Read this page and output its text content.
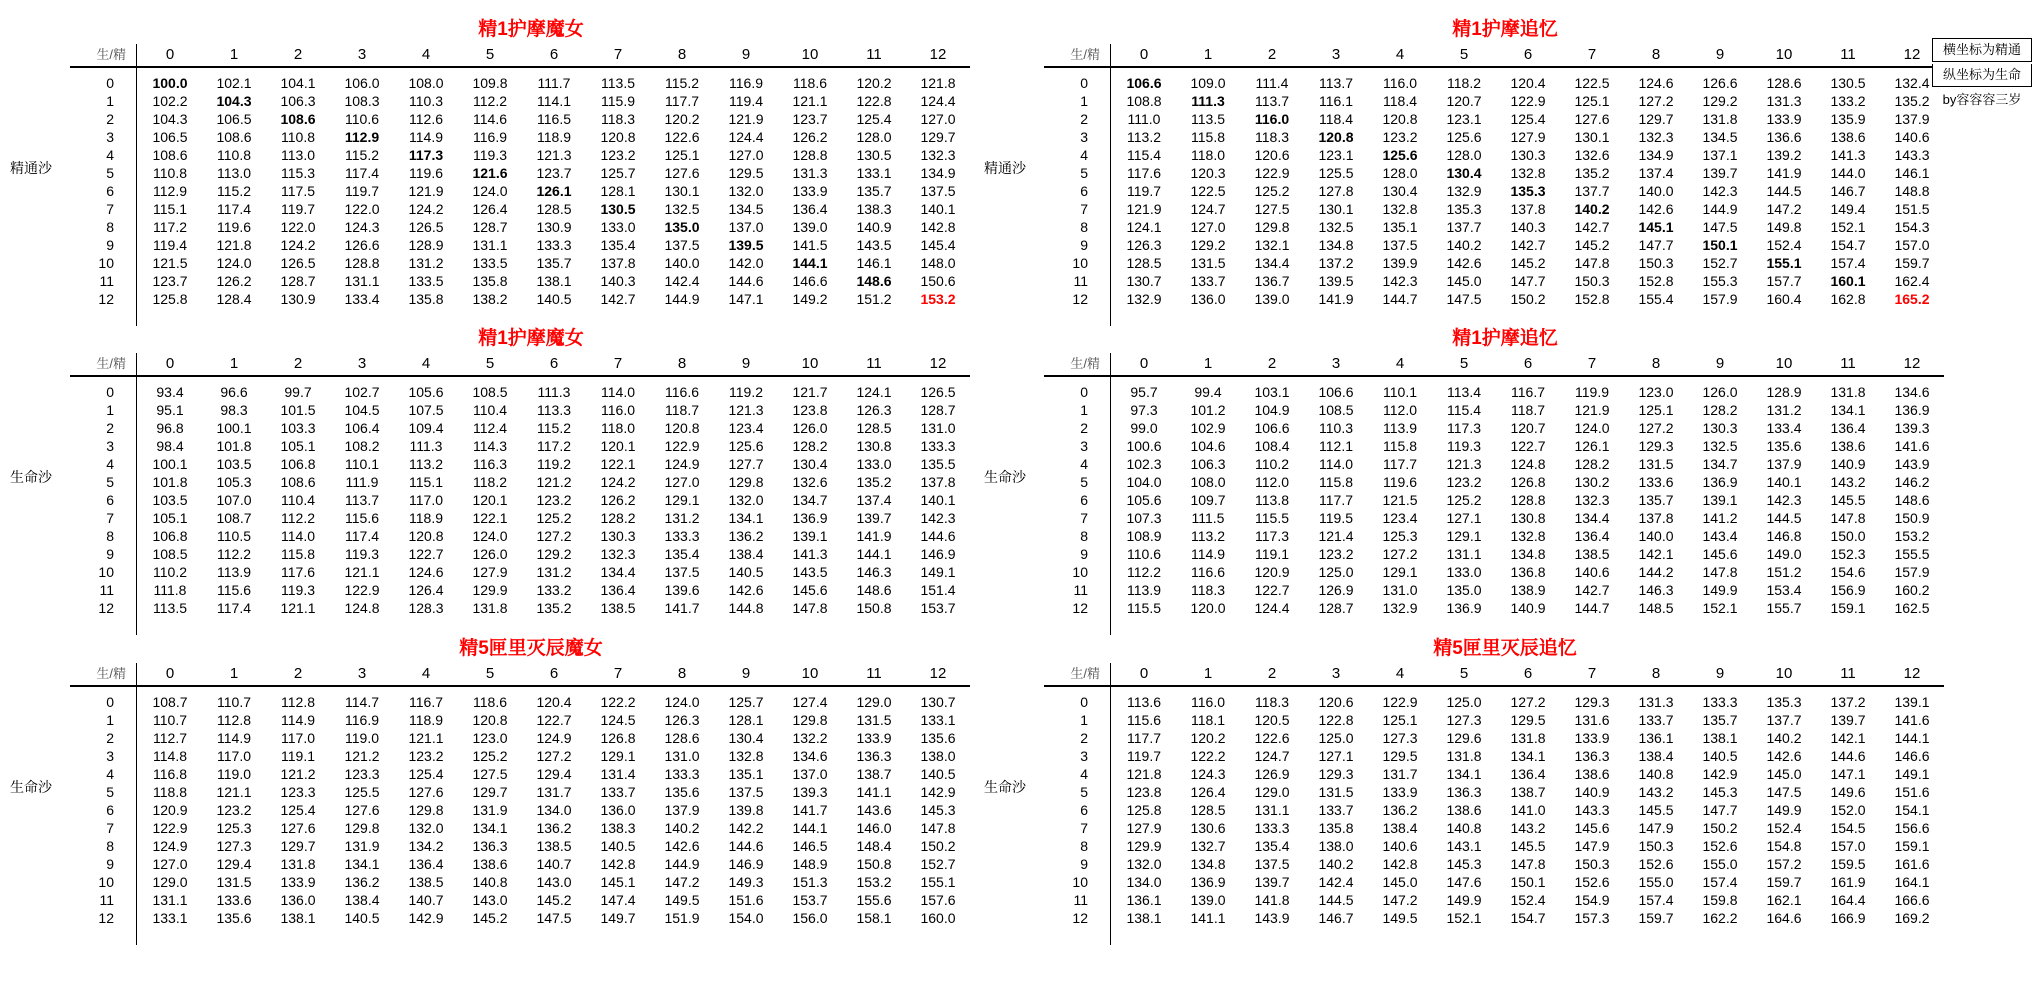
精1护摩魔女
生/精	0	1	2	3	4	5	6	7	8	9	10	11	12
精通沙
0	100.0	102.1	104.1	106.0	108.0	109.8	111.7	113.5	115.2	116.9	118.6	120.2	121.8
1	102.2	104.3	106.3	108.3	110.3	112.2	114.1	115.9	117.7	119.4	121.1	122.8	124.4
2	104.3	106.5	108.6	110.6	112.6	114.6	116.5	118.3	120.2	121.9	123.7	125.4	127.0
3	106.5	108.6	110.8	112.9	114.9	116.9	118.9	120.8	122.6	124.4	126.2	128.0	129.7
4	108.6	110.8	113.0	115.2	117.3	119.3	121.3	123.2	125.1	127.0	128.8	130.5	132.3
5	110.8	113.0	115.3	117.4	119.6	121.6	123.7	125.7	127.6	129.5	131.3	133.1	134.9
6	112.9	115.2	117.5	119.7	121.9	124.0	126.1	128.1	130.1	132.0	133.9	135.7	137.5
7	115.1	117.4	119.7	122.0	124.2	126.4	128.5	130.5	132.5	134.5	136.4	138.3	140.1
8	117.2	119.6	122.0	124.3	126.5	128.7	130.9	133.0	135.0	137.0	139.0	140.9	142.8
9	119.4	121.8	124.2	126.6	128.9	131.1	133.3	135.4	137.5	139.5	141.5	143.5	145.4
10	121.5	124.0	126.5	128.8	131.2	133.5	135.7	137.8	140.0	142.0	144.1	146.1	148.0
11	123.7	126.2	128.7	131.1	133.5	135.8	138.1	140.3	142.4	144.6	146.6	148.6	150.6
12	125.8	128.4	130.9	133.4	135.8	138.2	140.5	142.7	144.9	147.1	149.2	151.2	153.2
精1护摩追忆
生/精	0	1	2	3	4	5	6	7	8	9	10	11	12
精通沙
0	106.6	109.0	111.4	113.7	116.0	118.2	120.4	122.5	124.6	126.6	128.6	130.5	132.4
1	108.8	111.3	113.7	116.1	118.4	120.7	122.9	125.1	127.2	129.2	131.3	133.2	135.2
2	111.0	113.5	116.0	118.4	120.8	123.1	125.4	127.6	129.7	131.8	133.9	135.9	137.9
3	113.2	115.8	118.3	120.8	123.2	125.6	127.9	130.1	132.3	134.5	136.6	138.6	140.6
4	115.4	118.0	120.6	123.1	125.6	128.0	130.3	132.6	134.9	137.1	139.2	141.3	143.3
5	117.6	120.3	122.9	125.5	128.0	130.4	132.8	135.2	137.4	139.7	141.9	144.0	146.1
6	119.7	122.5	125.2	127.8	130.4	132.9	135.3	137.7	140.0	142.3	144.5	146.7	148.8
7	121.9	124.7	127.5	130.1	132.8	135.3	137.8	140.2	142.6	144.9	147.2	149.4	151.5
8	124.1	127.0	129.8	132.5	135.1	137.7	140.3	142.7	145.1	147.5	149.8	152.1	154.3
9	126.3	129.2	132.1	134.8	137.5	140.2	142.7	145.2	147.7	150.1	152.4	154.7	157.0
10	128.5	131.5	134.4	137.2	139.9	142.6	145.2	147.8	150.3	152.7	155.1	157.4	159.7
11	130.7	133.7	136.7	139.5	142.3	145.0	147.7	150.3	152.8	155.3	157.7	160.1	162.4
12	132.9	136.0	139.0	141.9	144.7	147.5	150.2	152.8	155.4	157.9	160.4	162.8	165.2
精1护摩魔女
生/精	0	1	2	3	4	5	6	7	8	9	10	11	12
生命沙
0	93.4	96.6	99.7	102.7	105.6	108.5	111.3	114.0	116.6	119.2	121.7	124.1	126.5
1	95.1	98.3	101.5	104.5	107.5	110.4	113.3	116.0	118.7	121.3	123.8	126.3	128.7
2	96.8	100.1	103.3	106.4	109.4	112.4	115.2	118.0	120.8	123.4	126.0	128.5	131.0
3	98.4	101.8	105.1	108.2	111.3	114.3	117.2	120.1	122.9	125.6	128.2	130.8	133.3
4	100.1	103.5	106.8	110.1	113.2	116.3	119.2	122.1	124.9	127.7	130.4	133.0	135.5
5	101.8	105.3	108.6	111.9	115.1	118.2	121.2	124.2	127.0	129.8	132.6	135.2	137.8
6	103.5	107.0	110.4	113.7	117.0	120.1	123.2	126.2	129.1	132.0	134.7	137.4	140.1
7	105.1	108.7	112.2	115.6	118.9	122.1	125.2	128.2	131.2	134.1	136.9	139.7	142.3
8	106.8	110.5	114.0	117.4	120.8	124.0	127.2	130.3	133.3	136.2	139.1	141.9	144.6
9	108.5	112.2	115.8	119.3	122.7	126.0	129.2	132.3	135.4	138.4	141.3	144.1	146.9
10	110.2	113.9	117.6	121.1	124.6	127.9	131.2	134.4	137.5	140.5	143.5	146.3	149.1
11	111.8	115.6	119.3	122.9	126.4	129.9	133.2	136.4	139.6	142.6	145.6	148.6	151.4
12	113.5	117.4	121.1	124.8	128.3	131.8	135.2	138.5	141.7	144.8	147.8	150.8	153.7
精1护摩追忆
生/精	0	1	2	3	4	5	6	7	8	9	10	11	12
生命沙
0	95.7	99.4	103.1	106.6	110.1	113.4	116.7	119.9	123.0	126.0	128.9	131.8	134.6
1	97.3	101.2	104.9	108.5	112.0	115.4	118.7	121.9	125.1	128.2	131.2	134.1	136.9
2	99.0	102.9	106.6	110.3	113.9	117.3	120.7	124.0	127.2	130.3	133.4	136.4	139.3
3	100.6	104.6	108.4	112.1	115.8	119.3	122.7	126.1	129.3	132.5	135.6	138.6	141.6
4	102.3	106.3	110.2	114.0	117.7	121.3	124.8	128.2	131.5	134.7	137.9	140.9	143.9
5	104.0	108.0	112.0	115.8	119.6	123.2	126.8	130.2	133.6	136.9	140.1	143.2	146.2
6	105.6	109.7	113.8	117.7	121.5	125.2	128.8	132.3	135.7	139.1	142.3	145.5	148.6
7	107.3	111.5	115.5	119.5	123.4	127.1	130.8	134.4	137.8	141.2	144.5	147.8	150.9
8	108.9	113.2	117.3	121.4	125.3	129.1	132.8	136.4	140.0	143.4	146.8	150.0	153.2
9	110.6	114.9	119.1	123.2	127.2	131.1	134.8	138.5	142.1	145.6	149.0	152.3	155.5
10	112.2	116.6	120.9	125.0	129.1	133.0	136.8	140.6	144.2	147.8	151.2	154.6	157.9
11	113.9	118.3	122.7	126.9	131.0	135.0	138.9	142.7	146.3	149.9	153.4	156.9	160.2
12	115.5	120.0	124.4	128.7	132.9	136.9	140.9	144.7	148.5	152.1	155.7	159.1	162.5
精5匣里灭辰魔女
生/精	0	1	2	3	4	5	6	7	8	9	10	11	12
生命沙
0	108.7	110.7	112.8	114.7	116.7	118.6	120.4	122.2	124.0	125.7	127.4	129.0	130.7
1	110.7	112.8	114.9	116.9	118.9	120.8	122.7	124.5	126.3	128.1	129.8	131.5	133.1
2	112.7	114.9	117.0	119.0	121.1	123.0	124.9	126.8	128.6	130.4	132.2	133.9	135.6
3	114.8	117.0	119.1	121.2	123.2	125.2	127.2	129.1	131.0	132.8	134.6	136.3	138.0
4	116.8	119.0	121.2	123.3	125.4	127.5	129.4	131.4	133.3	135.1	137.0	138.7	140.5
5	118.8	121.1	123.3	125.5	127.6	129.7	131.7	133.7	135.6	137.5	139.3	141.1	142.9
6	120.9	123.2	125.4	127.6	129.8	131.9	134.0	136.0	137.9	139.8	141.7	143.6	145.3
7	122.9	125.3	127.6	129.8	132.0	134.1	136.2	138.3	140.2	142.2	144.1	146.0	147.8
8	124.9	127.3	129.7	131.9	134.2	136.3	138.5	140.5	142.6	144.6	146.5	148.4	150.2
9	127.0	129.4	131.8	134.1	136.4	138.6	140.7	142.8	144.9	146.9	148.9	150.8	152.7
10	129.0	131.5	133.9	136.2	138.5	140.8	143.0	145.1	147.2	149.3	151.3	153.2	155.1
11	131.1	133.6	136.0	138.4	140.7	143.0	145.2	147.4	149.5	151.6	153.7	155.6	157.6
12	133.1	135.6	138.1	140.5	142.9	145.2	147.5	149.7	151.9	154.0	156.0	158.1	160.0
精5匣里灭辰追忆
生/精	0	1	2	3	4	5	6	7	8	9	10	11	12
生命沙
0	113.6	116.0	118.3	120.6	122.9	125.0	127.2	129.3	131.3	133.3	135.3	137.2	139.1
1	115.6	118.1	120.5	122.8	125.1	127.3	129.5	131.6	133.7	135.7	137.7	139.7	141.6
2	117.7	120.2	122.6	125.0	127.3	129.6	131.8	133.9	136.1	138.1	140.2	142.1	144.1
3	119.7	122.2	124.7	127.1	129.5	131.8	134.1	136.3	138.4	140.5	142.6	144.6	146.6
4	121.8	124.3	126.9	129.3	131.7	134.1	136.4	138.6	140.8	142.9	145.0	147.1	149.1
5	123.8	126.4	129.0	131.5	133.9	136.3	138.7	140.9	143.2	145.3	147.5	149.6	151.6
6	125.8	128.5	131.1	133.7	136.2	138.6	141.0	143.3	145.5	147.7	149.9	152.0	154.1
7	127.9	130.6	133.3	135.8	138.4	140.8	143.2	145.6	147.9	150.2	152.4	154.5	156.6
8	129.9	132.7	135.4	138.0	140.6	143.1	145.5	147.9	150.3	152.6	154.8	157.0	159.1
9	132.0	134.8	137.5	140.2	142.8	145.3	147.8	150.3	152.6	155.0	157.2	159.5	161.6
10	134.0	136.9	139.7	142.4	145.0	147.6	150.1	152.6	155.0	157.4	159.7	161.9	164.1
11	136.1	139.0	141.8	144.5	147.2	149.9	152.4	154.9	157.4	159.8	162.1	164.4	166.6
12	138.1	141.1	143.9	146.7	149.5	152.1	154.7	157.3	159.7	162.2	164.6	166.9	169.2
横坐标为精通
纵坐标为生命
by容容容三岁
